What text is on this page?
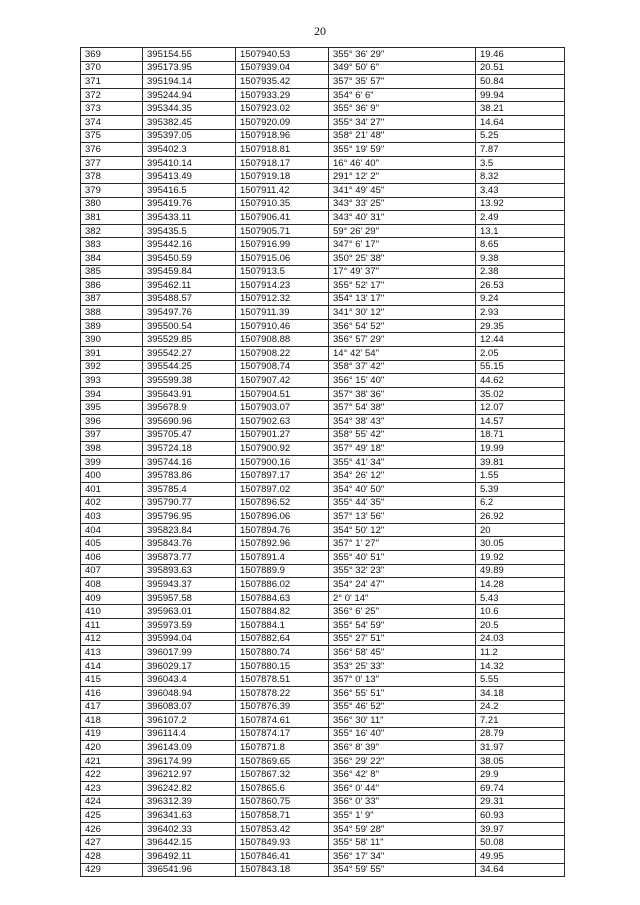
20
369	395154.55	1507940.53	355° 36' 29"	19.46
370	395173.95	1507939.04	349° 50' 6"	20.51
371	395194.14	1507935.42	357° 35' 57"	50.84
372	395244.94	1507933.29	354° 6' 6"	99.94
373	395344.35	1507923.02	355° 36' 9"	38.21
374	395382.45	1507920.09	355° 34' 27"	14.64
375	395397.05	1507918.96	358° 21' 48"	5.25
376	395402.3	1507918.81	355° 19' 59"	7.87
377	395410.14	1507918.17	16° 46' 40"	3.5
378	395413.49	1507919.18	291° 12' 2"	8.32
379	395416.5	1507911.42	341° 49' 45"	3.43
380	395419.76	1507910.35	343° 33' 25"	13.92
381	395433.11	1507906.41	343° 40' 31"	2.49
382	395435.5	1507905.71	59° 26' 29"	13.1
383	395442.16	1507916.99	347° 6' 17"	8.65
384	395450.59	1507915.06	350° 25' 38"	9.38
385	395459.84	1507913.5	17° 49' 37"	2.38
386	395462.11	1507914.23	355° 52' 17"	26.53
387	395488.57	1507912.32	354° 13' 17"	9.24
388	395497.76	1507911.39	341° 30' 12"	2.93
389	395500.54	1507910.46	356° 54' 52"	29.35
390	395529.85	1507908.88	356° 57' 29"	12.44
391	395542.27	1507908.22	14° 42' 54"	2.05
392	395544.25	1507908.74	358° 37' 42"	55.15
393	395599.38	1507907.42	356° 15' 40"	44.62
394	395643.91	1507904.51	357° 38' 36"	35.02
395	395678.9	1507903.07	357° 54' 38"	12.07
396	395690.96	1507902.63	354° 38' 43"	14.57
397	395705.47	1507901.27	358° 55' 42"	18.71
398	395724.18	1507900.92	357° 49' 18"	19.99
399	395744.16	1507900.16	355° 41' 34"	39.81
400	395783.86	1507897.17	354° 26' 12"	1.55
401	395785.4	1507897.02	354° 40' 50"	5.39
402	395790.77	1507896.52	355° 44' 35"	6.2
403	395796.95	1507896.06	357° 13' 56"	26.92
404	395823.84	1507894.76	354° 50' 12"	20
405	395843.76	1507892.96	357° 1' 27"	30.05
406	395873.77	1507891.4	355° 40' 51"	19.92
407	395893.63	1507889.9	355° 32' 23"	49.89
408	395943.37	1507886.02	354° 24' 47"	14.28
409	395957.58	1507884.63	2° 0' 14"	5.43
410	395963.01	1507884.82	356° 6' 25"	10.6
411	395973.59	1507884.1	355° 54' 59"	20.5
412	395994.04	1507882.64	355° 27' 51"	24.03
413	396017.99	1507880.74	356° 58' 45"	11.2
414	396029.17	1507880.15	353° 25' 33"	14.32
415	396043.4	1507878.51	357° 0' 13"	5.55
416	396048.94	1507878.22	356° 55' 51"	34.18
417	396083.07	1507876.39	355° 46' 52"	24.2
418	396107.2	1507874.61	356° 30' 11"	7.21
419	396114.4	1507874.17	355° 16' 40"	28.79
420	396143.09	1507871.8	356° 8' 39"	31.97
421	396174.99	1507869.65	356° 29' 22"	38.05
422	396212.97	1507867.32	356° 42' 8"	29.9
423	396242.82	1507865.6	356° 0' 44"	69.74
424	396312.39	1507860.75	356° 0' 33"	29.31
425	396341.63	1507858.71	355° 1' 9"	60.93
426	396402.33	1507853.42	354° 59' 28"	39.97
427	396442.15	1507849.93	355° 58' 11"	50.08
428	396492.11	1507846.41	356° 17' 34"	49.95
429	396541.96	1507843.18	354° 59' 55"	34.64
